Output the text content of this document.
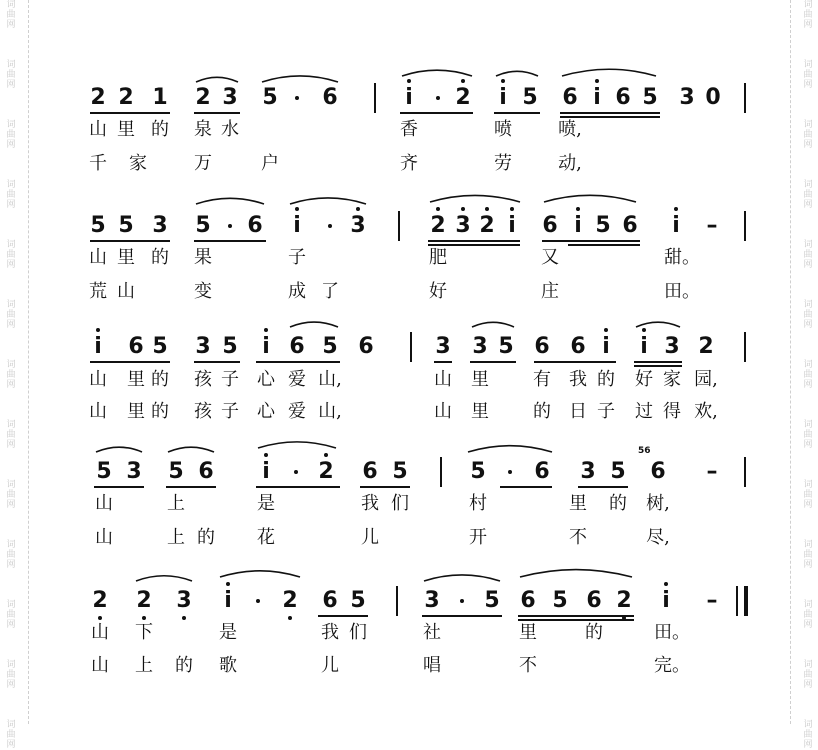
词
曲
网
词
曲
网
词
曲
网
词
曲
网
词
曲
网
词
曲
网
词
曲
网
词
曲
网
词
曲
网
词
曲
网
词
曲
网
词
曲
网
词
曲
网
词
曲
网
词
曲
网
词
曲
网
词
曲
网
词
曲
网
词
曲
网
词
曲
网
词
曲
网
词
曲
网
词
曲
网
词
曲
网
词
曲
网
词
曲
网
2 2 1 2 3 5 6	i 2 i 5 6 i 6 5 3 0
山 里 的 泉 水	香	喷	喷,
千 家	万	户	齐	劳	动,
5 5 3 5 6 i 3	2 3 2 i 6 i 5 6 i –
山 里 的 果	子	肥	又	甜。
荒 山	变	成 了	好	庄	田。
i 6 5 3 5 i 6 5 6	3 3 5 6 6 i i 3 2
山 里 的 孩 子 心 爱 山,	山 里 有 我 的 好 家 园,
山 里 的 孩 子 心 爱 山,	山 里 的 日 子 过 得 欢,
5 3 5 6 i 2 6 5	5 6 3 5 6 –
56
山	上	是	我 们	村	里 的 树,
山	上 的 花	儿	开	不	尽,
2 2 3 i 2 6 5	3 5 6 5 6 2 i –
山 下	是	我 们	社	里	的	田。
山 上 的 歌	儿	唱	不	完。
